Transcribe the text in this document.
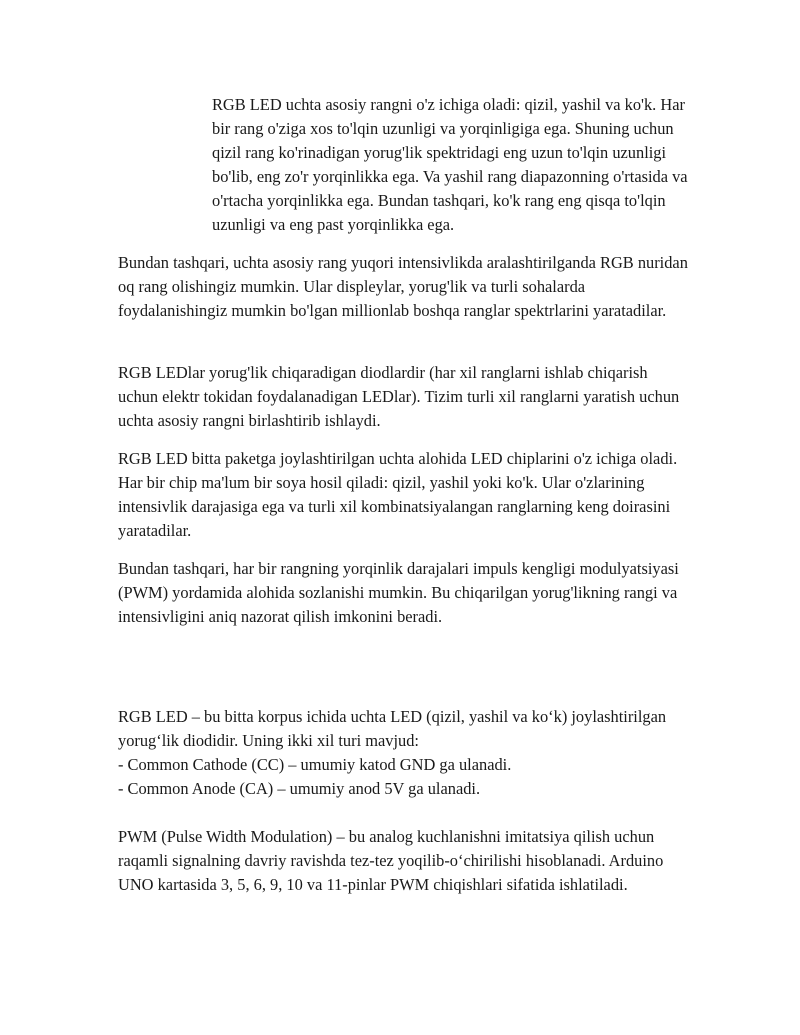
RGB LED uchta asosiy rangni o'z ichiga oladi: qizil, yashil va ko'k. Har bir rang o'ziga xos to'lqin uzunligi va yorqinligiga ega. Shuning uchun qizil rang ko'rinadigan yorug'lik spektridagi eng uzun to'lqin uzunligi bo'lib, eng zo'r yorqinlikka ega. Va yashil rang diapazonning o'rtasida va o'rtacha yorqinlikka ega. Bundan tashqari, ko'k rang eng qisqa to'lqin uzunligi va eng past yorqinlikka ega.

Bundan tashqari, uchta asosiy rang yuqori intensivlikda aralashtirilganda RGB nuridan oq rang olishingiz mumkin. Ular displeylar, yorug'lik va turli sohalarda foydalanishingiz mumkin bo'lgan millionlab boshqa ranglar spektrlarini yaratadilar.

RGB LEDlar yorug'lik chiqaradigan diodlardir (har xil ranglarni ishlab chiqarish uchun elektr tokidan foydalanadigan LEDlar). Tizim turli xil ranglarni yaratish uchun uchta asosiy rangni birlashtirib ishlaydi.

RGB LED bitta paketga joylashtirilgan uchta alohida LED chiplarini o'z ichiga oladi. Har bir chip ma'lum bir soya hosil qiladi: qizil, yashil yoki ko'k. Ular o'zlarining intensivlik darajasiga ega va turli xil kombinatsiyalangan ranglarning keng doirasini yaratadilar.

Bundan tashqari, har bir rangning yorqinlik darajalari impuls kengligi modulyatsiyasi (PWM) yordamida alohida sozlanishi mumkin. Bu chiqarilgan yorug'likning rangi va intensivligini aniq nazorat qilish imkonini beradi.

RGB LED – bu bitta korpus ichida uchta LED (qizil, yashil va ko‘k) joylashtirilgan yorug‘lik diodidir. Uning ikki xil turi mavjud:
- Common Cathode (CC) – umumiy katod GND ga ulanadi.
- Common Anode (CA) – umumiy anod 5V ga ulanadi.

PWM (Pulse Width Modulation) – bu analog kuchlanishni imitatsiya qilish uchun raqamli signalning davriy ravishda tez-tez yoqilib-o‘chirilishi hisoblanadi. Arduino UNO kartasida 3, 5, 6, 9, 10 va 11-pinlar PWM chiqishlari sifatida ishlatiladi.
